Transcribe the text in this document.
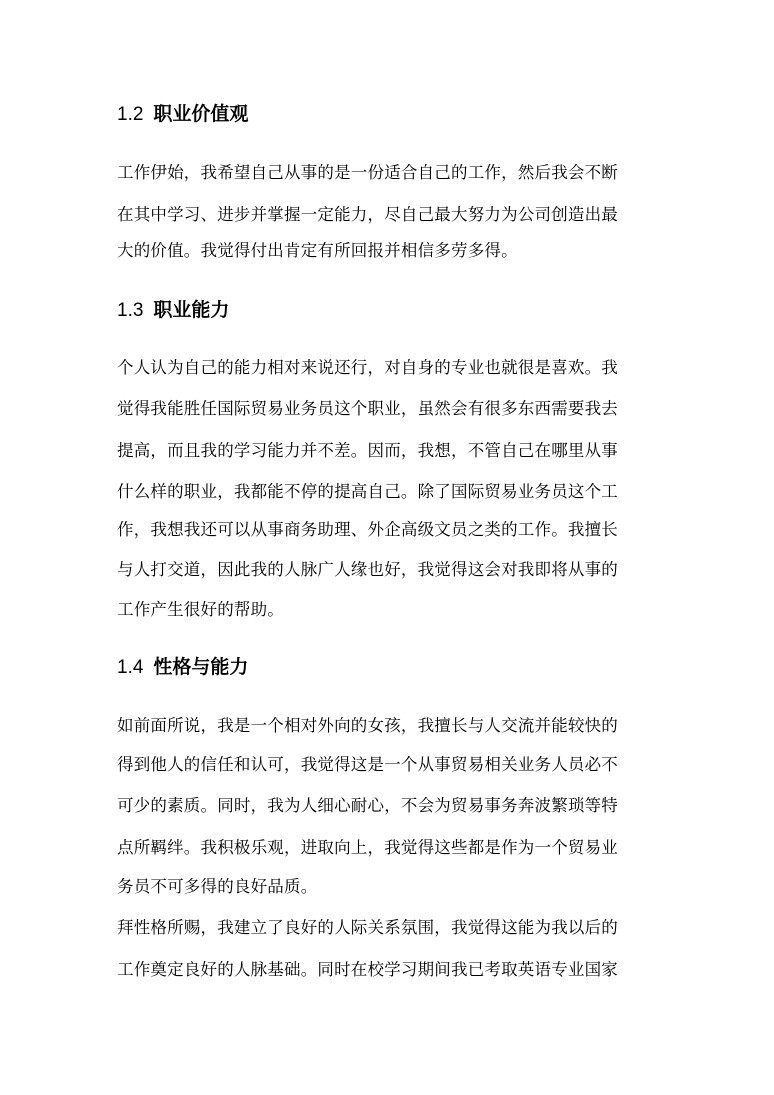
1.2 职业价值观
工作伊始，我希望自己从事的是一份适合自己的工作，然后我会不断
在其中学习、进步并掌握一定能力，尽自己最大努力为公司创造出最
大的价值。我觉得付出肯定有所回报并相信多劳多得。
1.3 职业能力
个人认为自己的能力相对来说还行，对自身的专业也就很是喜欢。我
觉得我能胜任国际贸易业务员这个职业，虽然会有很多东西需要我去
提高，而且我的学习能力并不差。因而，我想，不管自己在哪里从事
什么样的职业，我都能不停的提高自己。除了国际贸易业务员这个工
作，我想我还可以从事商务助理、外企高级文员之类的工作。我擅长
与人打交道，因此我的人脉广人缘也好，我觉得这会对我即将从事的
工作产生很好的帮助。
1.4 性格与能力
如前面所说，我是一个相对外向的女孩，我擅长与人交流并能较快的
得到他人的信任和认可，我觉得这是一个从事贸易相关业务人员必不
可少的素质。同时，我为人细心耐心，不会为贸易事务奔波繁琐等特
点所羁绊。我积极乐观，进取向上，我觉得这些都是作为一个贸易业
务员不可多得的良好品质。
拜性格所赐，我建立了良好的人际关系氛围，我觉得这能为我以后的
工作奠定良好的人脉基础。同时在校学习期间我已考取英语专业国家
